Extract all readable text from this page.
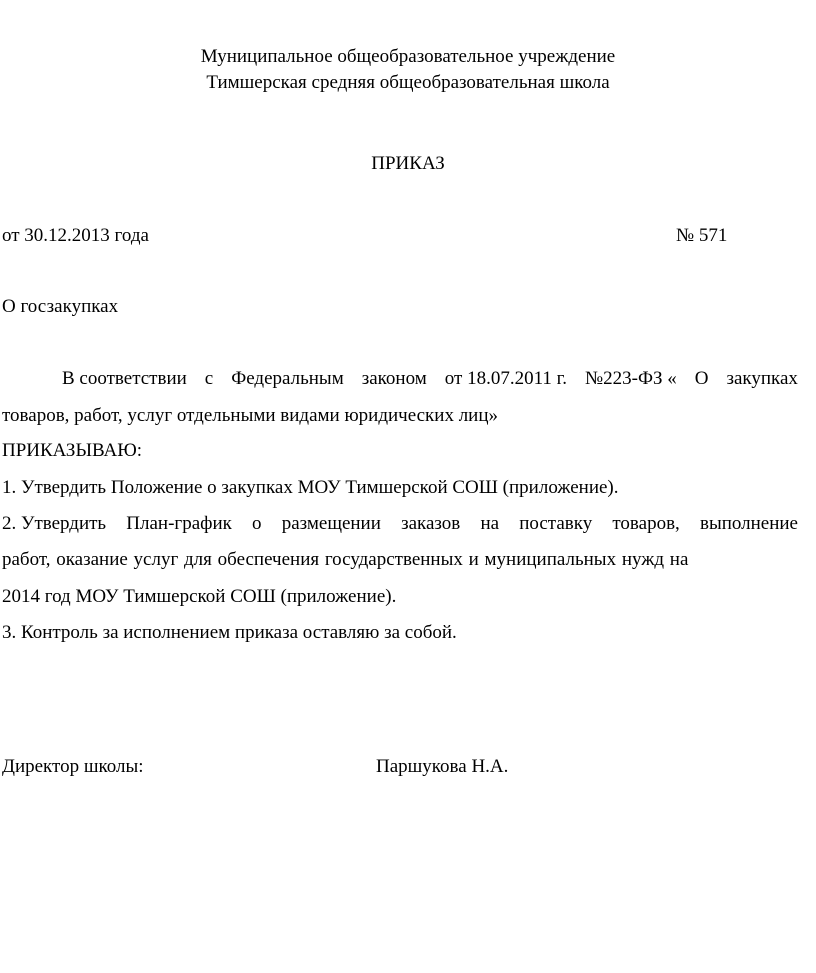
Муниципальное общеобразовательное учреждение
Тимшерская средняя общеобразовательная школа
ПРИКАЗ
от 30.12.2013 года	№ 571
О госзакупках
В соответствии с Федеральным законом от 18.07.2011 г. №223-ФЗ « О закупках
товаров, работ, услуг отдельными видами юридических лиц»
ПРИКАЗЫВАЮ:
1. Утвердить Положение о закупках МОУ Тимшерской СОШ (приложение).
2. Утвердить План-график о размещении заказов на поставку товаров, выполнение
работ, оказание услуг для обеспечения государственных и муниципальных нужд на
2014 год МОУ Тимшерской СОШ (приложение).
3. Контроль за исполнением приказа оставляю за собой.
Директор школы:	Паршукова Н.А.
